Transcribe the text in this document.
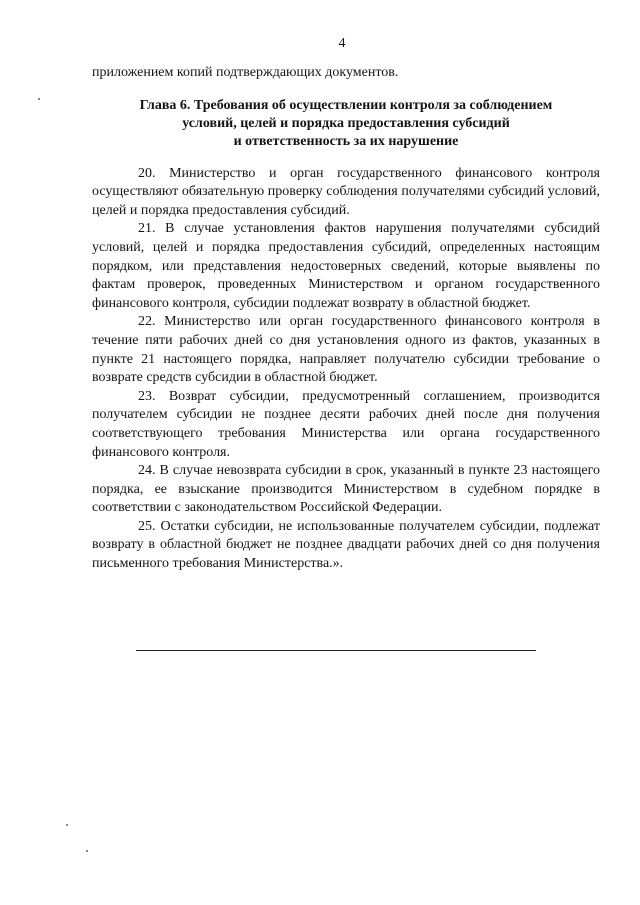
4

приложением копий подтверждающих документов.

Глава 6. Требования об осуществлении контроля за соблюдением
условий, целей и порядка предоставления субсидий
и ответственность за их нарушение

20. Министерство и орган государственного финансового контроля осуществляют обязательную проверку соблюдения получателями субсидий условий, целей и порядка предоставления субсидий.

21. В случае установления фактов нарушения получателями субсидий условий, целей и порядка предоставления субсидий, определенных настоящим порядком, или представления недостоверных сведений, которые выявлены по фактам проверок, проведенных Министерством и органом государственного финансового контроля, субсидии подлежат возврату в областной бюджет.

22. Министерство или орган государственного финансового контроля в течение пяти рабочих дней со дня установления одного из фактов, указанных в пункте 21 настоящего порядка, направляет получателю субсидии требование о возврате средств субсидии в областной бюджет.

23. Возврат субсидии, предусмотренный соглашением, производится получателем субсидии не позднее десяти рабочих дней после дня получения соответствующего требования Министерства или органа государственного финансового контроля.

24. В случае невозврата субсидии в срок, указанный в пункте 23 настоящего порядка, ее взыскание производится Министерством в судебном порядке в соответствии с законодательством Российской Федерации.

25. Остатки субсидии, не использованные получателем субсидии, подлежат возврату в областной бюджет не позднее двадцати рабочих дней со дня получения письменного требования Министерства.».
